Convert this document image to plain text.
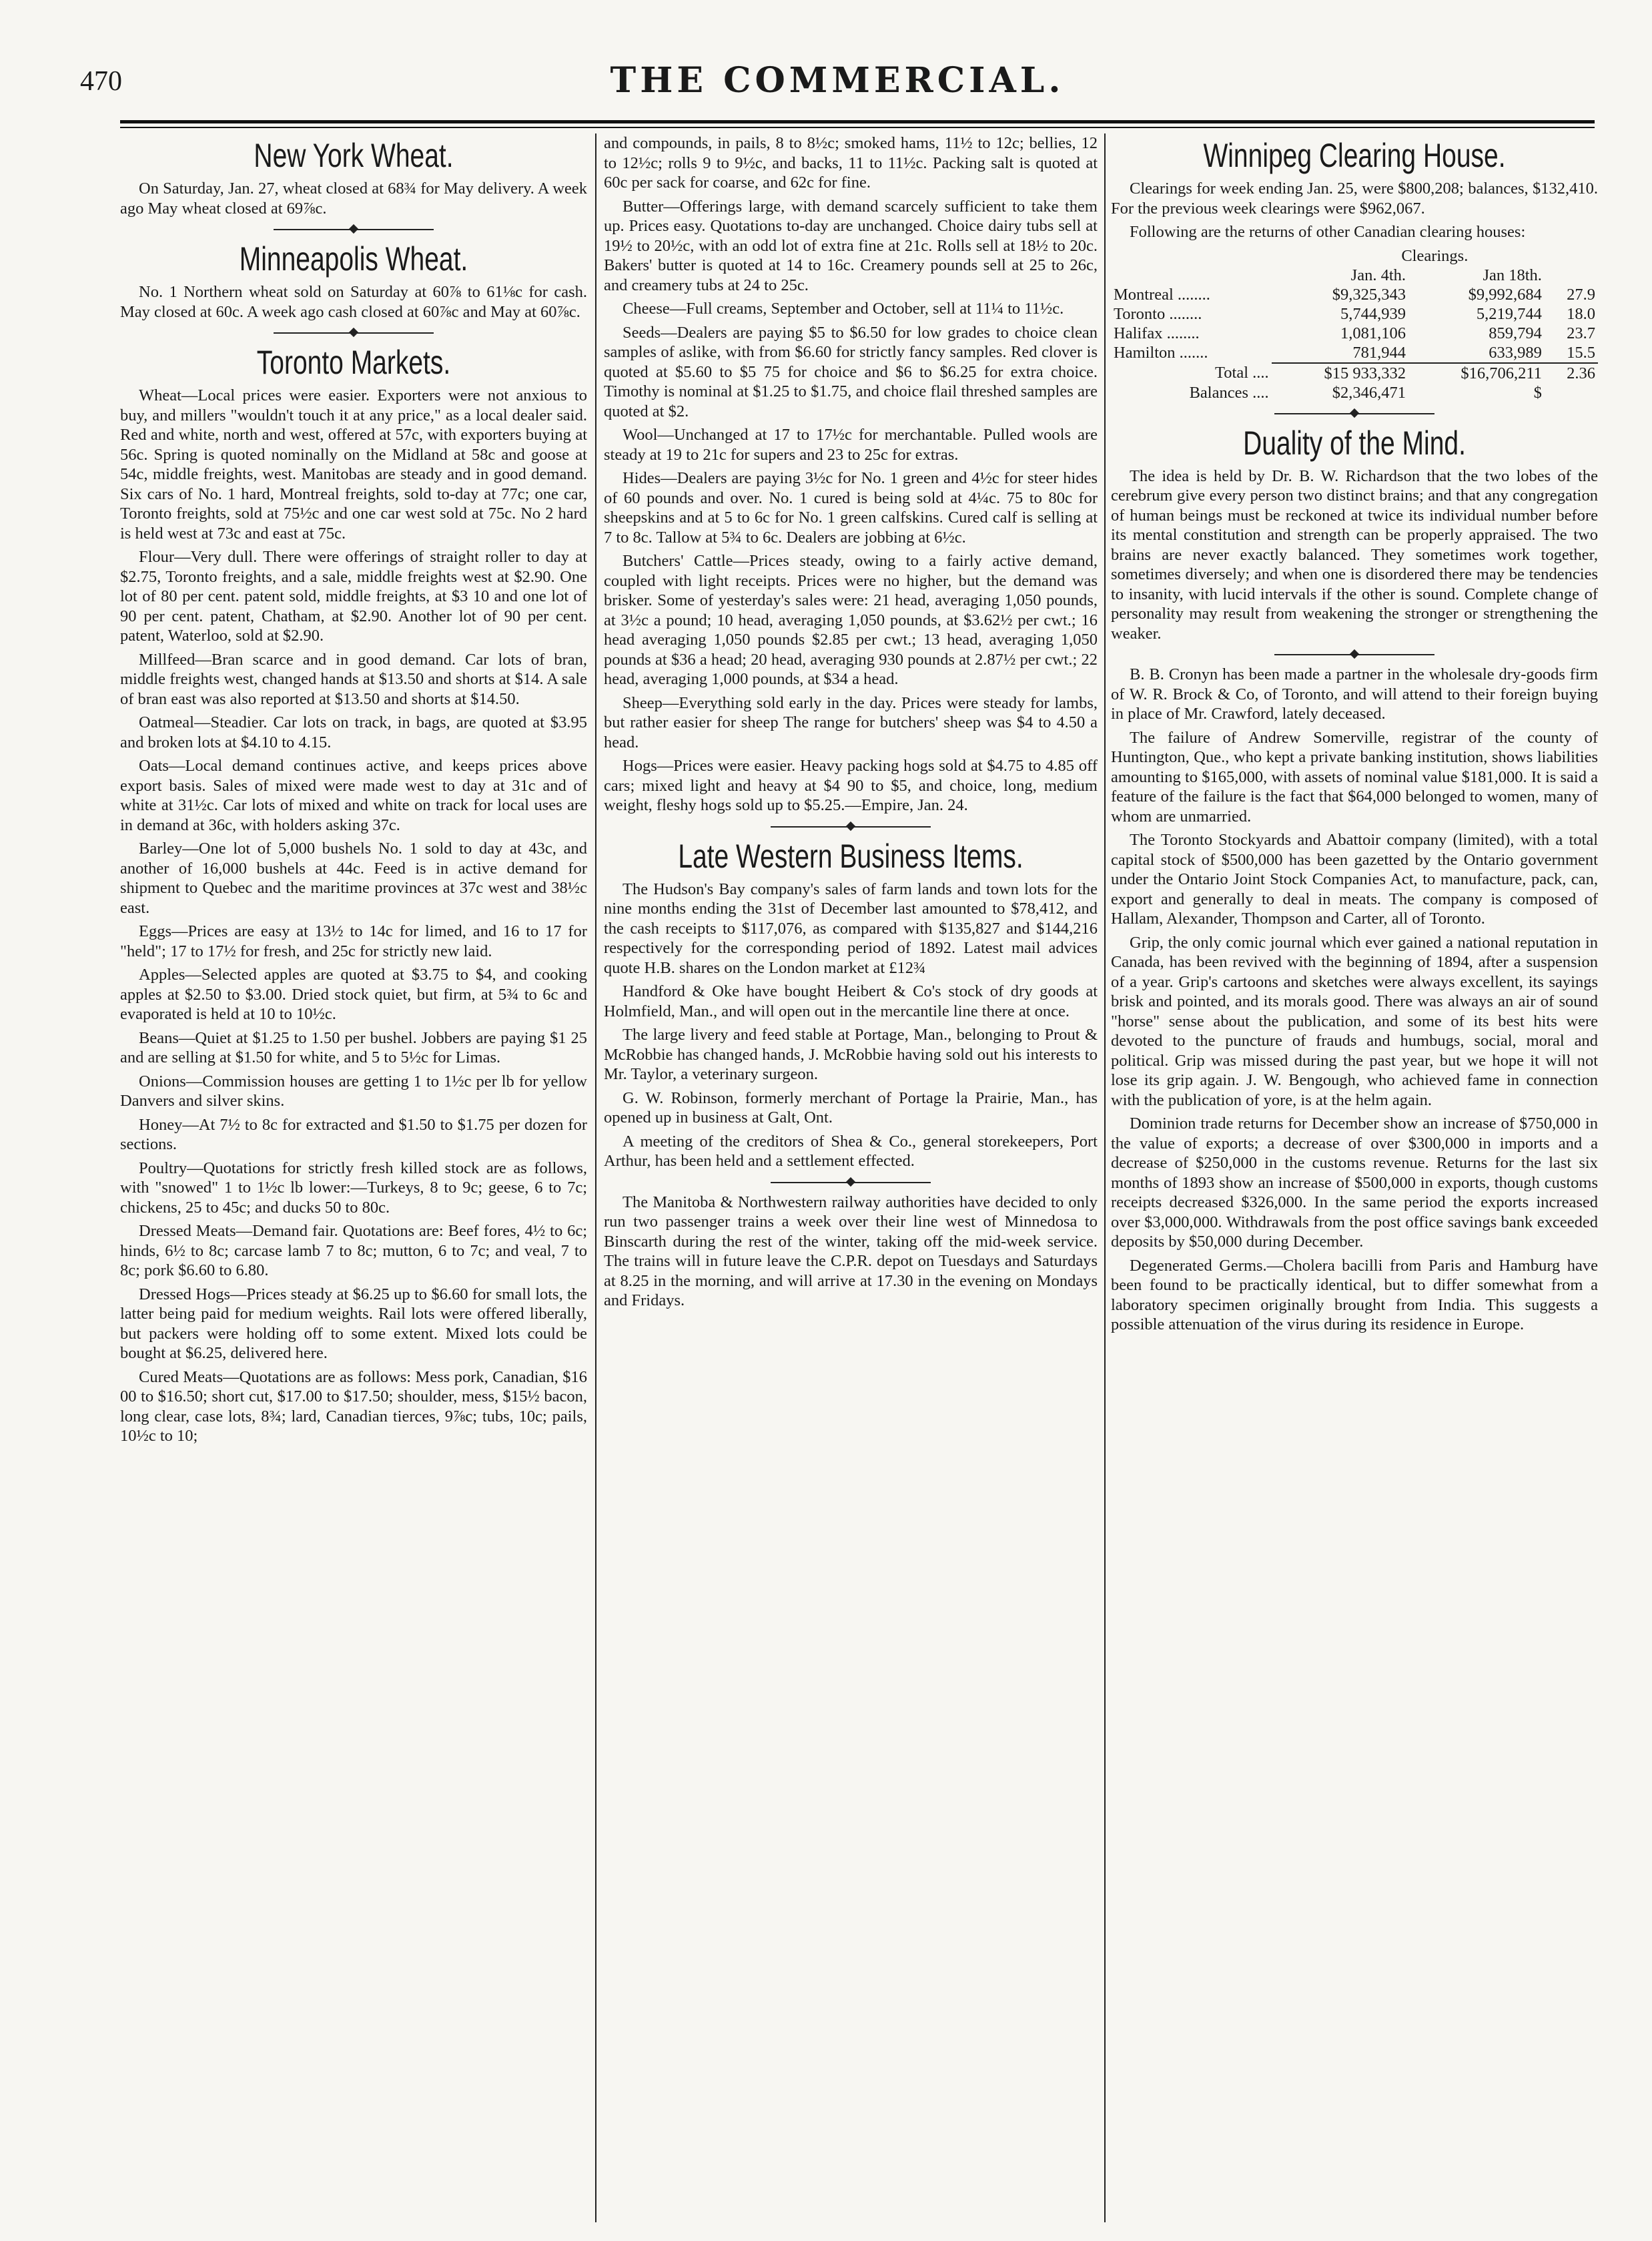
470	THE COMMERCIAL.
New York Wheat.

On Saturday, Jan. 27, wheat closed at 68¾ for May delivery. A week ago May wheat closed at 69⅞c.

Minneapolis Wheat.

No. 1 Northern wheat sold on Saturday at 60⅞ to 61⅛c for cash. May closed at 60c. A week ago cash closed at 60⅞c and May at 60⅞c.

Toronto Markets.

Wheat—Local prices were easier. Exporters were not anxious to buy, and millers "wouldn't touch it at any price," as a local dealer said. Red and white, north and west, offered at 57c, with exporters buying at 56c. Spring is quoted nominally on the Midland at 58c and goose at 54c, middle freights, west. Manitobas are steady and in good demand. Six cars of No. 1 hard, Montreal freights, sold to-day at 77c; one car, Toronto freights, sold at 75½c and one car west sold at 75c. No 2 hard is held west at 73c and east at 75c.

Flour—Very dull. There were offerings of straight roller to day at $2.75, Toronto freights, and a sale, middle freights west at $2.90. One lot of 80 per cent. patent sold, middle freights, at $3 10 and one lot of 90 per cent. patent, Chatham, at $2.90. Another lot of 90 per cent. patent, Waterloo, sold at $2.90.

Millfeed—Bran scarce and in good demand. Car lots of bran, middle freights west, changed hands at $13.50 and shorts at $14. A sale of bran east was also reported at $13.50 and shorts at $14.50.

Oatmeal—Steadier. Car lots on track, in bags, are quoted at $3.95 and broken lots at $4.10 to 4.15.

Oats—Local demand continues active, and keeps prices above export basis. Sales of mixed were made west to day at 31c and of white at 31½c. Car lots of mixed and white on track for local uses are in demand at 36c, with holders asking 37c.

Barley—One lot of 5,000 bushels No. 1 sold to day at 43c, and another of 16,000 bushels at 44c. Feed is in active demand for shipment to Quebec and the maritime provinces at 37c west and 38½c east.

Eggs—Prices are easy at 13½ to 14c for limed, and 16 to 17 for "held"; 17 to 17½ for fresh, and 25c for strictly new laid.

Apples—Selected apples are quoted at $3.75 to $4, and cooking apples at $2.50 to $3.00. Dried stock quiet, but firm, at 5¾ to 6c and evaporated is held at 10 to 10½c.

Beans—Quiet at $1.25 to 1.50 per bushel. Jobbers are paying $1 25 and are selling at $1.50 for white, and 5 to 5½c for Limas.

Onions—Commission houses are getting 1 to 1½c per lb for yellow Danvers and silver skins.

Honey—At 7½ to 8c for extracted and $1.50 to $1.75 per dozen for sections.

Poultry—Quotations for strictly fresh killed stock are as follows, with "snowed" 1 to 1½c lb lower:—Turkeys, 8 to 9c; geese, 6 to 7c; chickens, 25 to 45c; and ducks 50 to 80c.

Dressed Meats—Demand fair. Quotations are: Beef fores, 4½ to 6c; hinds, 6½ to 8c; carcase lamb 7 to 8c; mutton, 6 to 7c; and veal, 7 to 8c; pork $6.60 to 6.80.

Dressed Hogs—Prices steady at $6.25 up to $6.60 for small lots, the latter being paid for medium weights. Rail lots were offered liberally, but packers were holding off to some extent. Mixed lots could be bought at $6.25, delivered here.

Cured Meats—Quotations are as follows: Mess pork, Canadian, $16 00 to $16.50; short cut, $17.00 to $17.50; shoulder, mess, $15½ bacon, long clear, case lots, 8¾; lard, Canadian tierces, 9⅞c; tubs, 10c; pails, 10½c to 10;

and compounds, in pails, 8 to 8½c; smoked hams, 11½ to 12c; bellies, 12 to 12½c; rolls 9 to 9½c, and backs, 11 to 11½c. Packing salt is quoted at 60c per sack for coarse, and 62c for fine.

Butter—Offerings large, with demand scarcely sufficient to take them up. Prices easy. Quotations to-day are unchanged. Choice dairy tubs sell at 19½ to 20½c, with an odd lot of extra fine at 21c. Rolls sell at 18½ to 20c. Bakers' butter is quoted at 14 to 16c. Creamery pounds sell at 25 to 26c, and creamery tubs at 24 to 25c.

Cheese—Full creams, September and October, sell at 11¼ to 11½c.

Seeds—Dealers are paying $5 to $6.50 for low grades to choice clean samples of aslike, with from $6.60 for strictly fancy samples. Red clover is quoted at $5.60 to $5 75 for choice and $6 to $6.25 for extra choice. Timothy is nominal at $1.25 to $1.75, and choice flail threshed samples are quoted at $2.

Wool—Unchanged at 17 to 17½c for merchantable. Pulled wools are steady at 19 to 21c for supers and 23 to 25c for extras.

Hides—Dealers are paying 3½c for No. 1 green and 4½c for steer hides of 60 pounds and over. No. 1 cured is being sold at 4¼c. 75 to 80c for sheepskins and at 5 to 6c for No. 1 green calfskins. Cured calf is selling at 7 to 8c. Tallow at 5¾ to 6c. Dealers are jobbing at 6½c.

Butchers' Cattle—Prices steady, owing to a fairly active demand, coupled with light receipts. Prices were no higher, but the demand was brisker. Some of yesterday's sales were: 21 head, averaging 1,050 pounds, at 3½c a pound; 10 head, averaging 1,050 pounds, at $3.62½ per cwt.; 16 head averaging 1,050 pounds $2.85 per cwt.; 13 head, averaging 1,050 pounds at $36 a head; 20 head, averaging 930 pounds at 2.87½ per cwt.; 22 head, averaging 1,000 pounds, at $34 a head.

Sheep—Everything sold early in the day. Prices were steady for lambs, but rather easier for sheep The range for butchers' sheep was $4 to 4.50 a head.

Hogs—Prices were easier. Heavy packing hogs sold at $4.75 to 4.85 off cars; mixed light and heavy at $4 90 to $5, and choice, long, medium weight, fleshy hogs sold up to $5.25.—Empire, Jan. 24.

Late Western Business Items.

The Hudson's Bay company's sales of farm lands and town lots for the nine months ending the 31st of December last amounted to $78,412, and the cash receipts to $117,076, as compared with $135,827 and $144,216 respectively for the corresponding period of 1892. Latest mail advices quote H.B. shares on the London market at £12¾

Handford & Oke have bought Heibert & Co's stock of dry goods at Holmfield, Man., and will open out in the mercantile line there at once.

The large livery and feed stable at Portage, Man., belonging to Prout & McRobbie has changed hands, J. McRobbie having sold out his interests to Mr. Taylor, a veterinary surgeon.

G. W. Robinson, formerly merchant of Portage la Prairie, Man., has opened up in business at Galt, Ont.

A meeting of the creditors of Shea & Co., general storekeepers, Port Arthur, has been held and a settlement effected.

The Manitoba & Northwestern railway authorities have decided to only run two passenger trains a week over their line west of Minnedosa to Binscarth during the rest of the winter, taking off the mid-week service. The trains will in future leave the C.P.R. depot on Tuesdays and Saturdays at 8.25 in the morning, and will arrive at 17.30 in the evening on Mondays and Fridays.

Winnipeg Clearing House.

Clearings for week ending Jan. 25, were $800,208; balances, $132,410. For the previous week clearings were $962,067.

Following are the returns of other Canadian clearing houses:

	Clearings.		
	Jan. 4th.	Jan 18th.	
Montreal ........	$9,325,343	$9,992,684	27.9
Toronto ........	5,744,939	5,219,744	18.0
Halifax ........	1,081,106	859,794	23.7
Hamilton .......	781,944	633,989	15.5
Total ....	$15 933,332	$16,706,211	2.36
Balances ....	$2,346,471	$	
Duality of the Mind.

The idea is held by Dr. B. W. Richardson that the two lobes of the cerebrum give every person two distinct brains; and that any congregation of human beings must be reckoned at twice its individual number before its mental constitution and strength can be properly appraised. The two brains are never exactly balanced. They sometimes work together, sometimes diversely; and when one is disordered there may be tendencies to insanity, with lucid intervals if the other is sound. Complete change of personality may result from weakening the stronger or strengthening the weaker.

B. B. Cronyn has been made a partner in the wholesale dry-goods firm of W. R. Brock & Co, of Toronto, and will attend to their foreign buying in place of Mr. Crawford, lately deceased.

The failure of Andrew Somerville, registrar of the county of Huntington, Que., who kept a private banking institution, shows liabilities amounting to $165,000, with assets of nominal value $181,000. It is said a feature of the failure is the fact that $64,000 belonged to women, many of whom are unmarried.

The Toronto Stockyards and Abattoir company (limited), with a total capital stock of $500,000 has been gazetted by the Ontario government under the Ontario Joint Stock Companies Act, to manufacture, pack, can, export and generally to deal in meats. The company is composed of Hallam, Alexander, Thompson and Carter, all of Toronto.

Grip, the only comic journal which ever gained a national reputation in Canada, has been revived with the beginning of 1894, after a suspension of a year. Grip's cartoons and sketches were always excellent, its sayings brisk and pointed, and its morals good. There was always an air of sound "horse" sense about the publication, and some of its best hits were devoted to the puncture of frauds and humbugs, social, moral and political. Grip was missed during the past year, but we hope it will not lose its grip again. J. W. Bengough, who achieved fame in connection with the publication of yore, is at the helm again.

Dominion trade returns for December show an increase of $750,000 in the value of exports; a decrease of over $300,000 in imports and a decrease of $250,000 in the customs revenue. Returns for the last six months of 1893 show an increase of $500,000 in exports, though customs receipts decreased $326,000. In the same period the exports increased over $3,000,000. Withdrawals from the post office savings bank exceeded deposits by $50,000 during December.

Degenerated Germs.—Cholera bacilli from Paris and Hamburg have been found to be practically identical, but to differ somewhat from a laboratory specimen originally brought from India. This suggests a possible attenuation of the virus during its residence in Europe.
